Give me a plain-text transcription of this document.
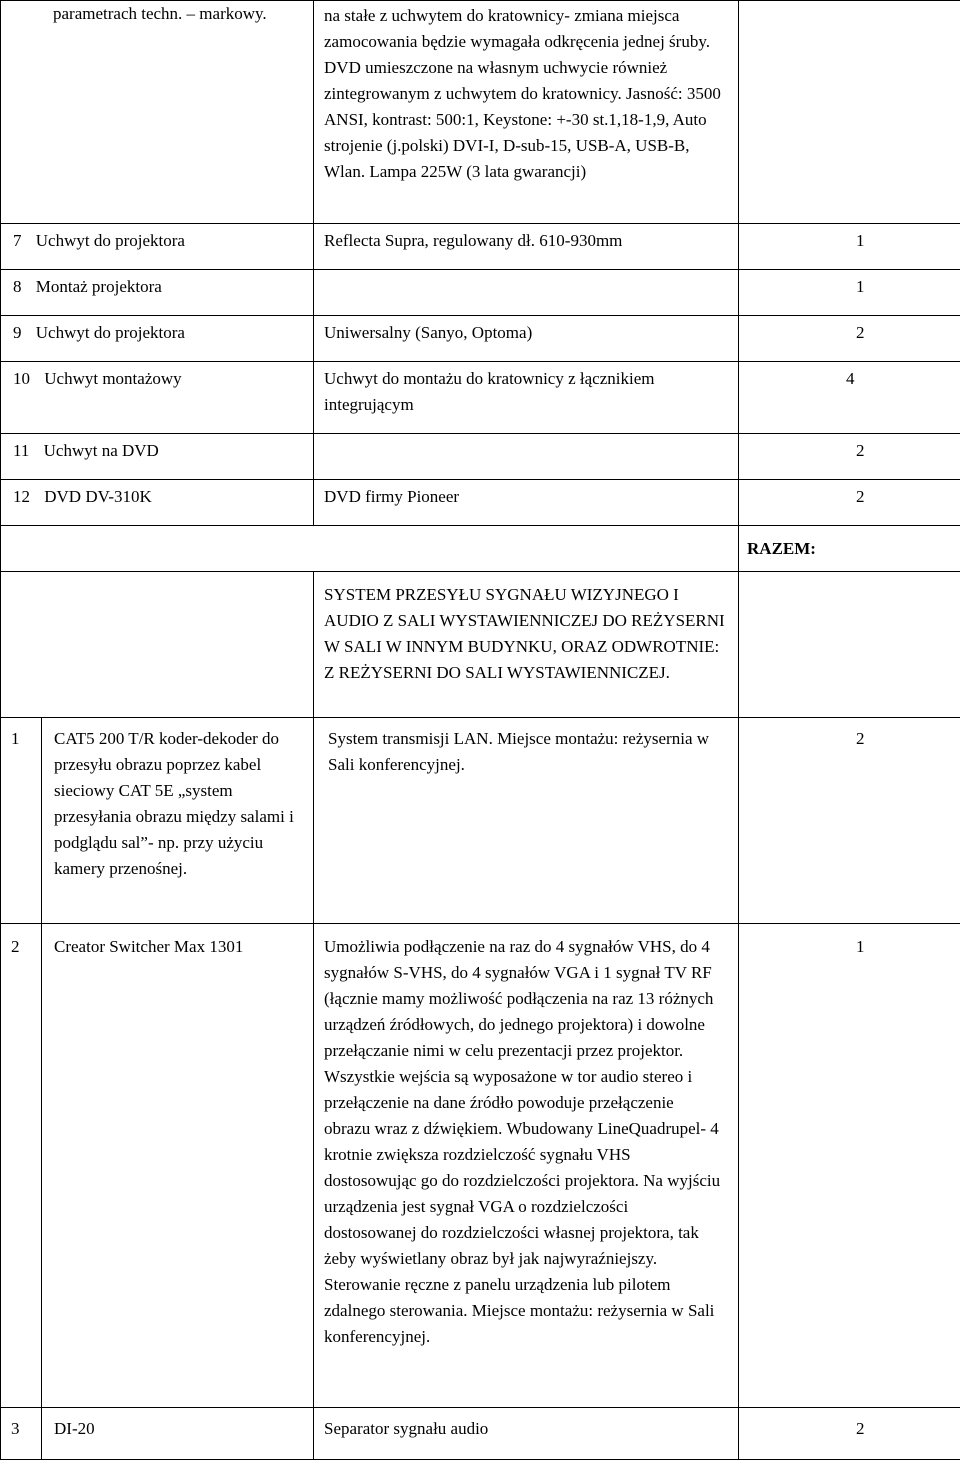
parametrach techn. – markowy.		na stałe z uchwytem do kratownicy- zmiana miejsca zamocowania będzie wymagała odkręcenia jednej śruby. DVD umieszczone na własnym uchwycie również zintegrowanym z uchwytem do kratownicy. Jasność: 3500 ANSI, kontrast: 500:1, Keystone: +-30 st.1,18-1,9, Auto strojenie (j.polski) DVI-I, D-sub-15, USB-A, USB-B, Wlan. Lampa 225W (3 lata gwarancji)	
7 Uchwyt do projektora		Reflecta Supra, regulowany dł. 610-930mm	1
8 Montaż projektora			1
9 Uchwyt do projektora		Uniwersalny (Sanyo, Optoma)	2
10 Uchwyt montażowy		Uchwyt do montażu do kratownicy z łącznikiem integrującym	4
11 Uchwyt na DVD			2
12 DVD DV-310K		DVD firmy Pioneer	2
			RAZEM:
		SYSTEM PRZESYŁU SYGNAŁU WIZYJNEGO I AUDIO Z SALI WYSTAWIENNICZEJ DO REŻYSERNI W SALI W INNYM BUDYNKU, ORAZ ODWROTNIE: Z REŻYSERNI DO SALI WYSTAWIENNICZEJ.	
1	CAT5 200 T/R koder-dekoder do przesyłu obrazu poprzez kabel sieciowy CAT 5E „system przesyłania obrazu między salami i podglądu sal”- np. przy użyciu kamery przenośnej.	System transmisji LAN. Miejsce montażu: reżysernia w Sali konferencyjnej.	2
2	Creator Switcher Max 1301	Umożliwia podłączenie na raz do 4 sygnałów VHS, do 4 sygnałów S-VHS, do 4 sygnałów VGA i 1 sygnał TV RF (łącznie mamy możliwość podłączenia na raz 13 różnych urządzeń źródłowych, do jednego projektora) i dowolne przełączanie nimi w celu prezentacji przez projektor. Wszystkie wejścia są wyposażone w tor audio stereo i przełączenie na dane źródło powoduje przełączenie obrazu wraz z dźwiękiem. Wbudowany LineQuadrupel- 4 krotnie zwiększa rozdzielczość sygnału VHS dostosowując go do rozdzielczości projektora. Na wyjściu urządzenia jest sygnał VGA o rozdzielczości dostosowanej do rozdzielczości własnej projektora, tak żeby wyświetlany obraz był jak najwyraźniejszy. Sterowanie ręczne z panelu urządzenia lub pilotem zdalnego sterowania. Miejsce montażu: reżysernia w Sali konferencyjnej.	1
3	DI-20	Separator sygnału audio	2
